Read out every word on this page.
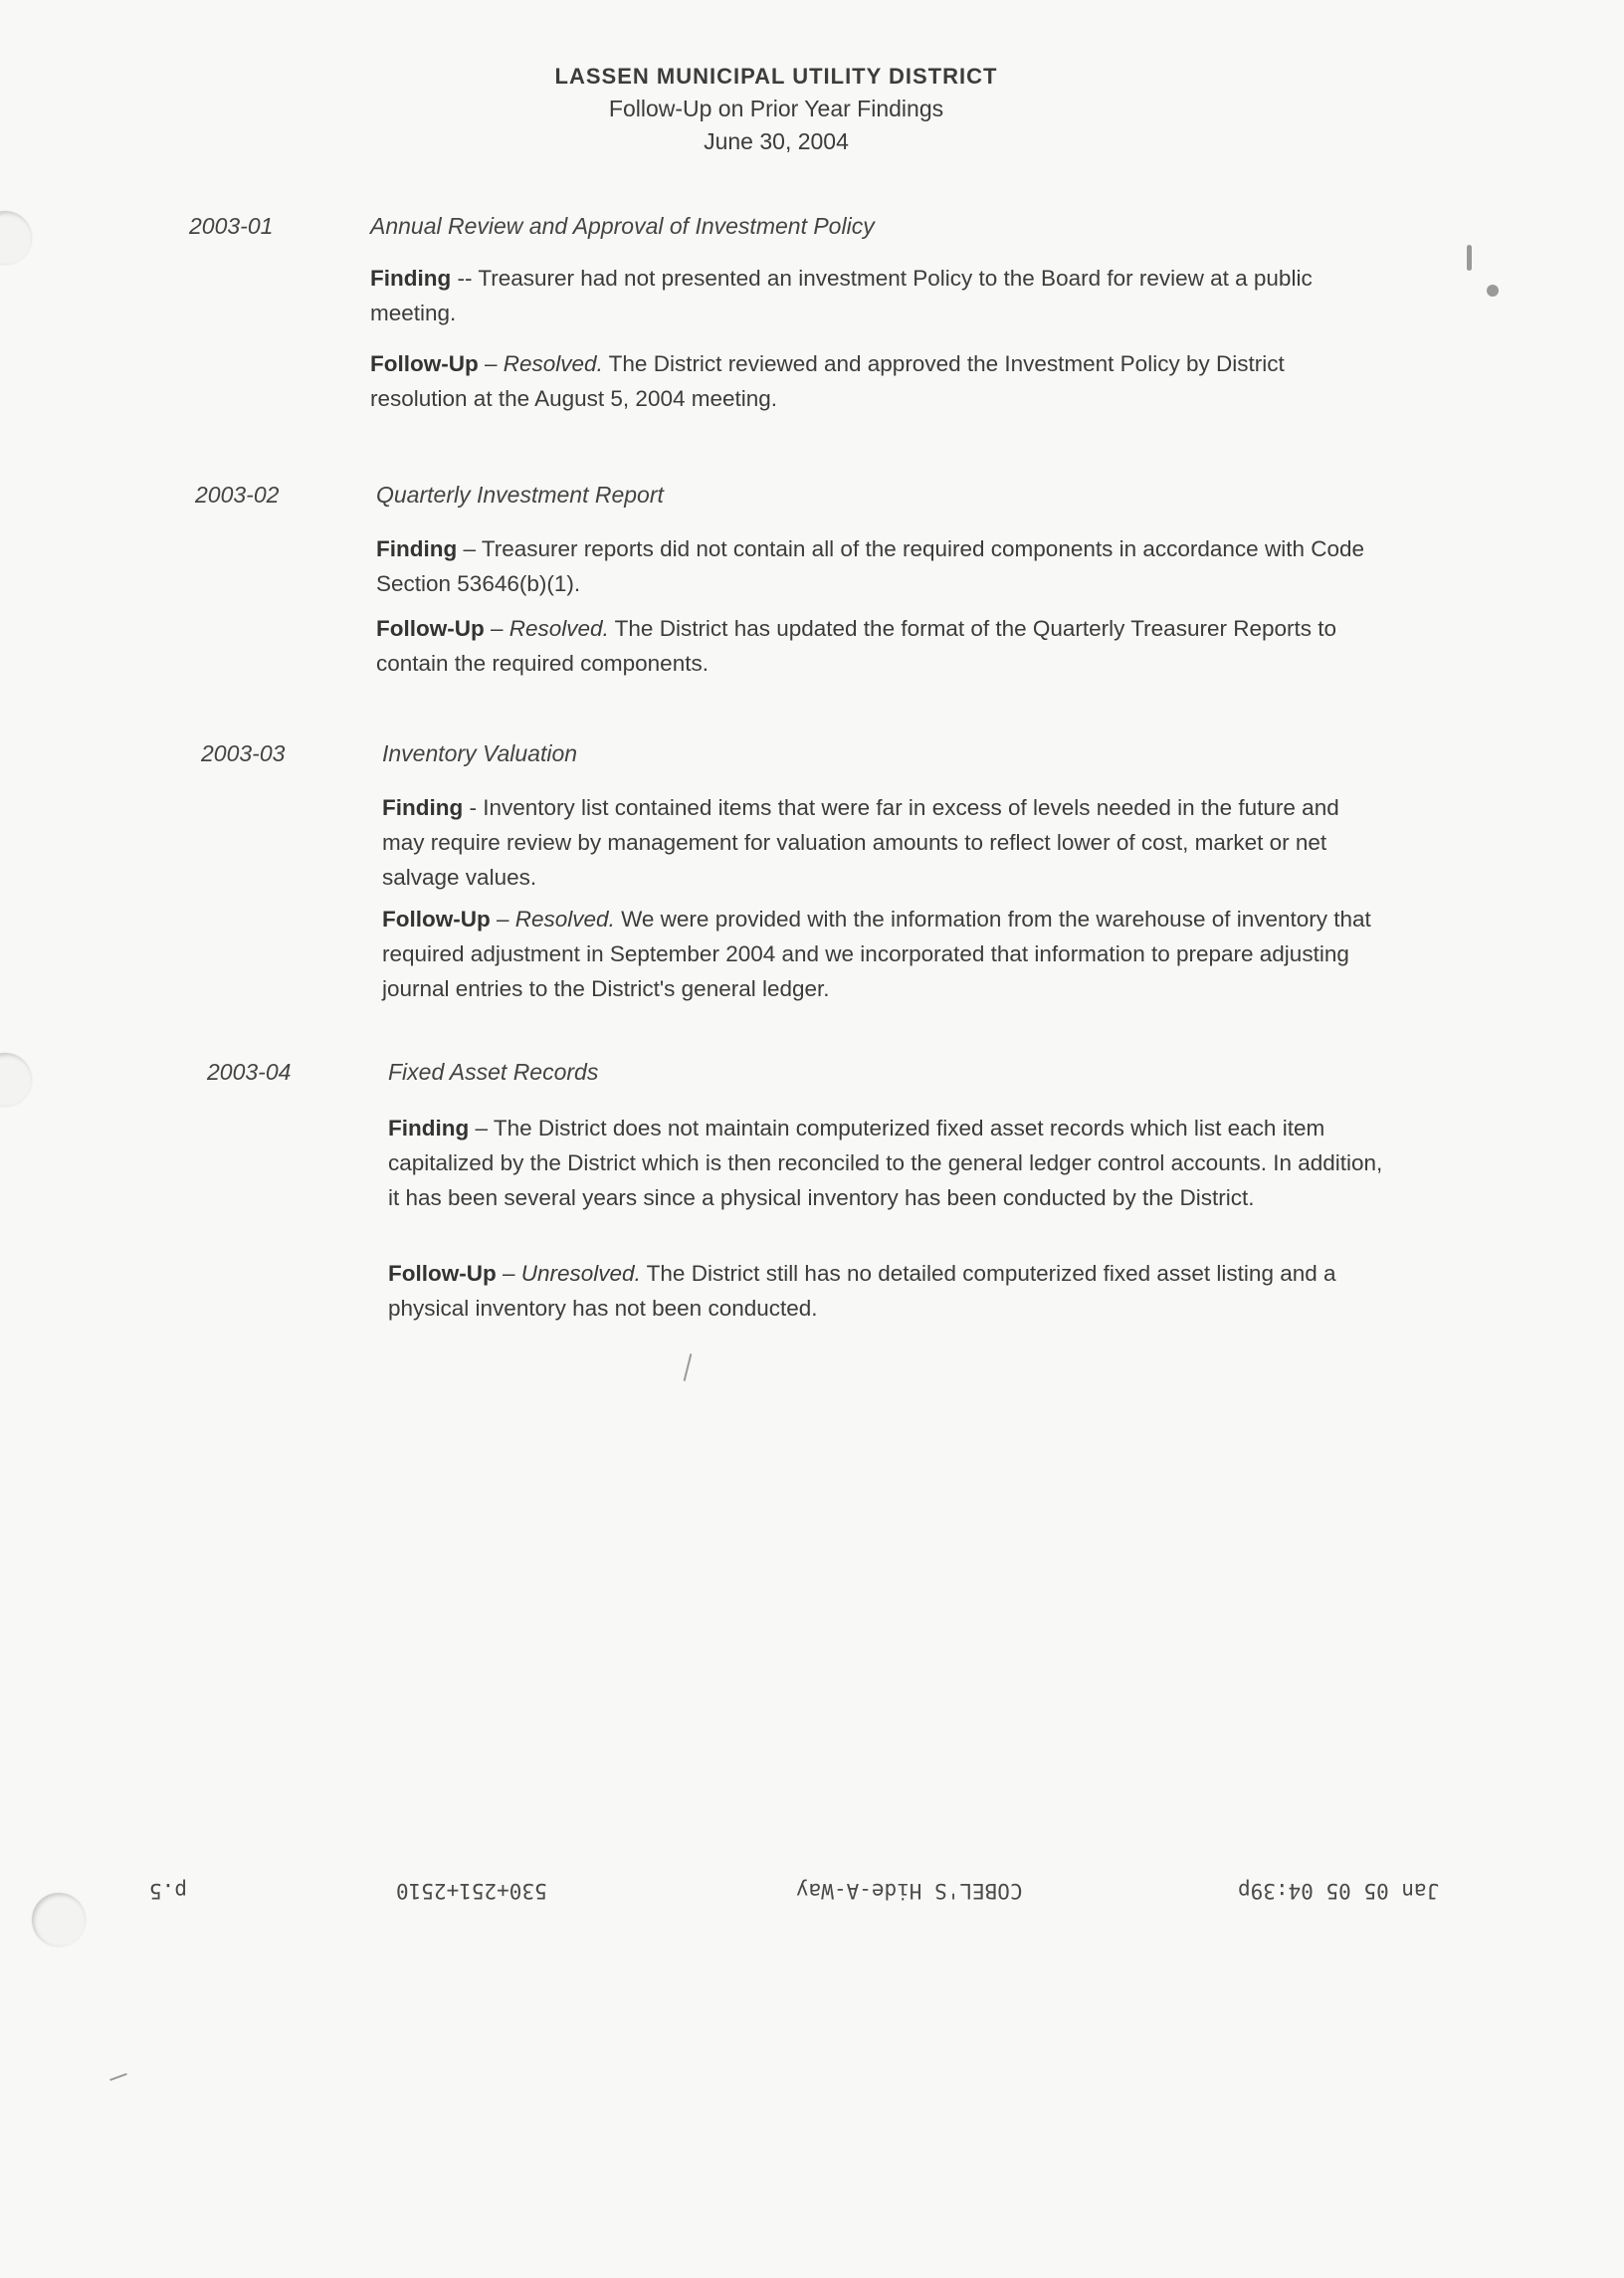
LASSEN MUNICIPAL UTILITY DISTRICT
Follow-Up on Prior Year Findings
June 30, 2004
2003-01	Annual Review and Approval of Investment Policy
Finding -- Treasurer had not presented an investment Policy to the Board for review at a public meeting.
Follow-Up – Resolved. The District reviewed and approved the Investment Policy by District resolution at the August 5, 2004 meeting.
2003-02	Quarterly Investment Report
Finding – Treasurer reports did not contain all of the required components in accordance with Code Section 53646(b)(1).
Follow-Up – Resolved. The District has updated the format of the Quarterly Treasurer Reports to contain the required components.
2003-03	Inventory Valuation
Finding - Inventory list contained items that were far in excess of levels needed in the future and may require review by management for valuation amounts to reflect lower of cost, market or net salvage values.
Follow-Up – Resolved. We were provided with the information from the warehouse of inventory that required adjustment in September 2004 and we incorporated that information to prepare adjusting journal entries to the District's general ledger.
2003-04	Fixed Asset Records
Finding – The District does not maintain computerized fixed asset records which list each item capitalized by the District which is then reconciled to the general ledger control accounts. In addition, it has been several years since a physical inventory has been conducted by the District.
Follow-Up – Unresolved. The District still has no detailed computerized fixed asset listing and a physical inventory has not been conducted.
p.5	530+251+2510	COBEL'S Hide-A-Way	Jan 05 05 04:39p
